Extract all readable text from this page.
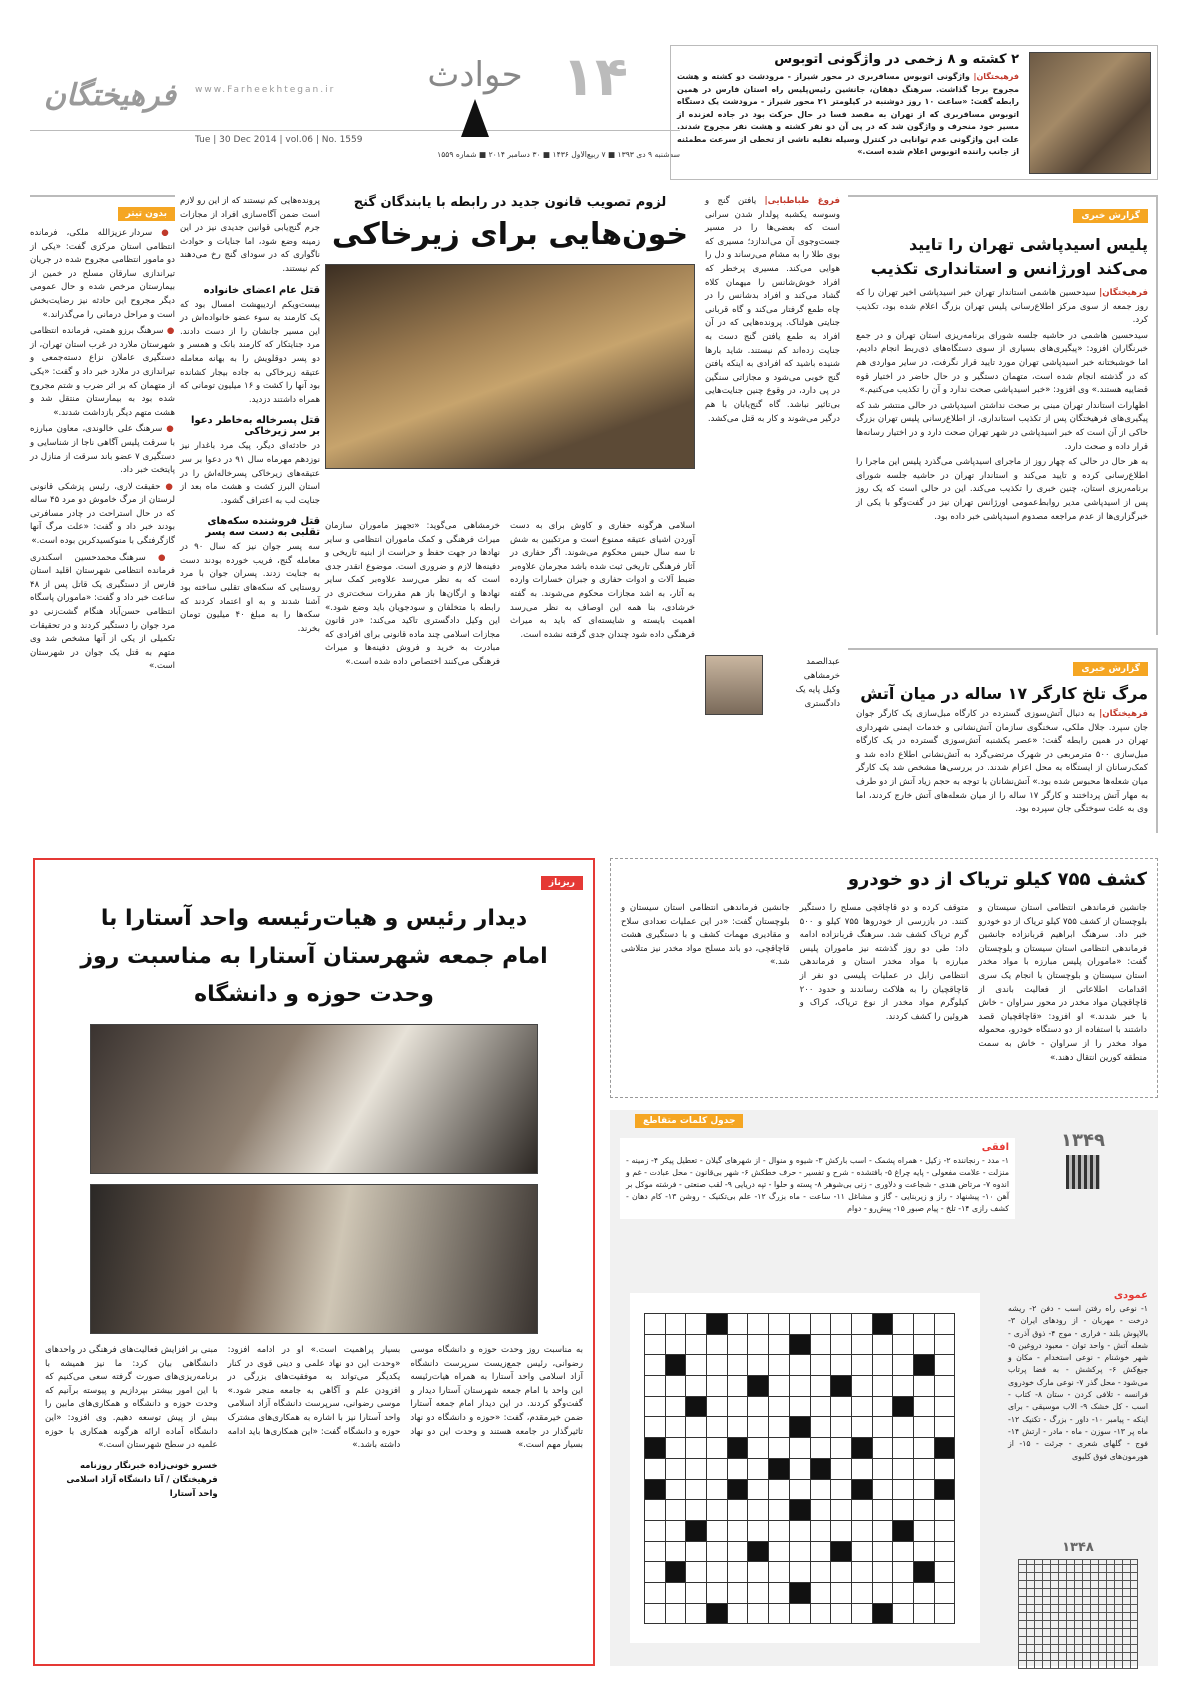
فرهیختگان	www.Farheekhtegan.ir
Tue | 30 Dec 2014 | vol.06 | No. 1559
حوادث ۱۴
سه‌شنبه ۹ دی ۱۳۹۳ ■ ۷ ربیع‌الاول ۱۴۳۶ ■ ۳۰ دسامبر ۲۰۱۴ ■ شماره ۱۵۵۹
۲ کشته و ۸ زخمی در واژگونی اتوبوس
فرهیختگان| واژگونی اتوبوس مسافربری در محور شیراز - مرودشت دو کشته و هشت مجروح برجا گذاشت. سرهنگ دهقان، جانشین رئیس‌پلیس راه استان فارس در همین رابطه گفت: «ساعت ۱۰ روز دوشنبه در کیلومتر ۲۱ محور شیراز - مرودشت یک دستگاه اتوبوس مسافربری که از تهران به مقصد فسا در حال حرکت بود در جاده لغزنده از مسیر خود منحرف و واژگون شد که در پی آن دو نفر کشته و هشت نفر مجروح شدند. علت این واژگونی عدم توانایی در کنترل وسیله نقلیه ناشی از تخطی از سرعت مطمئنه از جانب راننده اتوبوس اعلام شده است.»
گزارش خبری
پلیس اسیدپاشی تهران را تایید می‌کند اورژانس و استانداری تکذیب

فرهیختگان| سیدحسین هاشمی استاندار تهران خبر اسیدپاشی اخیر تهران را که روز جمعه از سوی مرکز اطلاع‌رسانی پلیس تهران بزرگ اعلام شده بود، تکذیب کرد.

سیدحسین هاشمی در حاشیه جلسه شورای برنامه‌ریزی استان تهران و در جمع خبرنگاران افزود: «پیگیری‌های بسیاری از سوی دستگاه‌های ذی‌ربط انجام دادیم، اما خوشبختانه خبر اسیدپاشی تهران مورد تایید قرار نگرفت، در سایر مواردی هم که در گذشته انجام شده است، متهمان دستگیر و در حال حاضر در اختیار قوه قضاییه هستند.» وی افزود: «خبر اسیدپاشی صحت ندارد و آن را تکذیب می‌کنیم.»

اظهارات استاندار تهران مبنی بر صحت نداشتن اسیدپاشی در حالی منتشر شد که پیگیری‌های فرهیختگان پس از تکذیب استانداری، از اطلاع‌رسانی پلیس تهران بزرگ حاکی از آن است که خبر اسیدپاشی در شهر تهران صحت دارد و در اختیار رسانه‌ها قرار داده و صحت دارد.

به هر حال در حالی که چهار روز از ماجرای اسیدپاشی می‌گذرد پلیس این ماجرا را اطلاع‌رسانی کرده و تایید می‌کند و استاندار تهران در حاشیه جلسه شورای برنامه‌ریزی استان، چنین خبری را تکذیب می‌کند. این در حالی است که یک روز پس از اسیدپاشی مدیر روابط‌عمومی اورژانس تهران نیز در گفت‌وگو با یکی از خبرگزاری‌ها از عدم مراجعه مصدوم اسیدپاشی خبر داده بود.

گزارش خبری
مرگ تلخ کارگر ۱۷ ساله در میان آتش
فرهیختگان| به دنبال آتش‌سوزی گسترده در کارگاه مبل‌سازی یک کارگر جوان جان سپرد. جلال ملکی، سخنگوی سازمان آتش‌نشانی و خدمات ایمنی شهرداری تهران در همین رابطه گفت: «عصر یکشنبه آتش‌سوزی گسترده در یک کارگاه مبل‌سازی ۵۰۰ مترمربعی در شهرک مرتضی‌گرد به آتش‌نشانی اطلاع داده شد و کمک‌رسانان از ایستگاه به محل اعزام شدند. در بررسی‌ها مشخص شد یک کارگر میان شعله‌ها محبوس شده بود.» آتش‌نشانان با توجه به حجم زیاد آتش از دو طرف به مهار آتش پرداختند و کارگر ۱۷ ساله را از میان شعله‌های آتش خارج کردند، اما وی به علت سوختگی جان سپرده بود.
فروغ طباطبایی| یافتن گنج و وسوسه یکشبه پولدار شدن سرانی است که بعضی‌ها را در مسیر جست‌وجوی آن می‌اندازد؛ مسیری که بوی طلا را به مشام می‌رساند و دل را هوایی می‌کند. مسیری پرخطر که افراد خوش‌شانس را میهمان کلاه گشاد می‌کند و افراد بدشانس را در چاه طمع گرفتار می‌کند و گاه قربانی جنایتی هولناک. پرونده‌هایی که در آن افراد به طمع یافتن گنج دست به جنایت زده‌اند کم نیستند. شاید بارها شنیده باشید که افرادی به اینکه یافتن گنج خوبی می‌شود و مجازاتی سنگین در پی دارد، در وقوع چنین جنایت‌هایی بی‌تاثیر نباشد. گاه گنج‌یابان با هم درگیر می‌شوند و کار به قتل می‌کشد.
لزوم تصویب قانون جدید در رابطه با یابندگان گنج
خون‌هایی برای زیرخاکی
اسلامی هرگونه حفاری و کاوش برای به دست آوردن اشیای عتیقه ممنوع است و مرتکبین به شش تا سه سال حبس محکوم می‌شوند. اگر حفاری در آثار فرهنگی تاریخی ثبت شده باشد مجرمان علاوه‌بر ضبط آلات و ادوات حفاری و جبران خسارات وارده به آثار، به اشد مجازات محکوم می‌شوند. به گفته خرشادی، بنا همه این اوصاف به نظر می‌رسد اهمیت بایسته و شایسته‌ای که باید به میراث فرهنگی داده شود چندان جدی گرفته نشده است.
خرمشاهی می‌گوید: «تجهیز ماموران سازمان میراث فرهنگی و کمک ماموران انتظامی و سایر نهادها در جهت حفظ و حراست از ابنیه تاریخی و دفینه‌ها لازم و ضروری است. موضوع انقدر جدی است که به نظر می‌رسد علاوه‌بر کمک سایر نهادها و ارگان‌ها باز هم مقررات سخت‌تری در رابطه با متخلفان و سودجویان باید وضع شود.» این وکیل دادگستری تاکید می‌کند: «در قانون مجازات اسلامی چند ماده قانونی برای افرادی که مبادرت به خرید و فروش دفینه‌ها و میراث فرهنگی می‌کنند اختصاص داده شده است.»	عبدالصمد خرمشاهی
وکیل پایه یک دادگستری
پرونده‌هایی کم نیستند که از این رو لازم است ضمن آگاه‌سازی افراد از مجازات جرم گنج‌یابی قوانین جدیدی نیز در این زمینه وضع شود، اما جنایات و حوادث ناگواری که در سودای گنج رخ می‌دهند کم نیستند.
قتل عام اعضای خانواده
بیست‌ویکم اردیبهشت امسال بود که یک کارمند به سوء عضو خانواده‌اش در این مسیر جانشان را از دست دادند. مرد جنایتکار که کارمند بانک و همسر و دو پسر دوقلویش را به بهانه معامله عتیقه زیرخاکی به جاده بیجار کشانده بود آنها را کشت و ۱۶ میلیون تومانی که همراه داشتند دزدید.
قتل پسرخاله به‌خاطر دعوا بر سر زیرخاکی
در حادثه‌ای دیگر، پیک مرد باغدار نیز نوزدهم مهرماه سال ۹۱ در دعوا بر سر عتیقه‌های زیرخاکی پسرخاله‌اش را در استان البرز کشت و هشت ماه بعد از جنایت لب به اعتراف گشود.
قتل فروشنده سکه‌های تقلبی به دست سه پسر
سه پسر جوان نیز که سال ۹۰ در معامله گنج، فریب خورده بودند دست به جنایت زدند. پسران جوان با مرد روستایی که سکه‌های تقلبی ساخته بود آشنا شدند و به او اعتماد کردند که سکه‌ها را به مبلغ ۴۰ میلیون تومان بخرند.
بدون تیتر
● سردار عزیزالله ملکی، فرمانده انتظامی استان مرکزی گفت: «یکی از دو مامور انتظامی مجروح شده در جریان تیراندازی سارقان مسلح در خمین از بیمارستان مرخص شده و حال عمومی دیگر مجروح این حادثه نیز رضایت‌بخش است و مراحل درمانی را می‌گذراند.»
● سرهنگ برزو همتی، فرمانده انتظامی شهرستان ملارد در غرب استان تهران، از دستگیری عاملان نزاع دسته‌جمعی و تیراندازی در ملارد خبر داد و گفت: «یکی از متهمان که بر اثر ضرب و شتم مجروح شده بود به بیمارستان منتقل شد و هشت متهم دیگر بازداشت شدند.»
● سرهنگ علی خالوندی، معاون مبارزه با سرقت پلیس آگاهی ناجا از شناسایی و دستگیری ۷ عضو باند سرقت از منازل در پایتخت خبر داد.
● حقیقت لاری، رئیس پزشکی قانونی لرستان از مرگ خاموش دو مرد ۴۵ ساله که در حال استراحت در چادر مسافرتی بودند خبر داد و گفت: «علت مرگ آنها گازگرفتگی با منوکسیدکربن بوده است.»
● سرهنگ محمدحسین اسکندری فرمانده انتظامی شهرستان اقلید استان فارس از دستگیری یک قاتل پس از ۴۸ ساعت خبر داد و گفت: «ماموران پاسگاه انتظامی حسن‌آباد هنگام گشت‌زنی دو مرد جوان را دستگیر کردند و در تحقیقات تکمیلی از یکی از آنها مشخص شد وی متهم به قتل یک جوان در شهرستان است.»
ریزناز
دیدار رئیس و هیات‌رئیسه واحد آستارا با امام جمعه شهرستان آستارا به مناسبت روز وحدت حوزه و دانشگاه
به مناسبت روز وحدت حوزه و دانشگاه موسی رضوانی، رئیس جمع‌زیست سرپرست دانشگاه آزاد اسلامی واحد آستارا به همراه هیات‌رئیسه این واحد با امام جمعه شهرستان آستارا دیدار و گفت‌وگو کردند. در این دیدار امام جمعه آستارا ضمن خیرمقدم، گفت: «حوزه و دانشگاه دو نهاد تاثیرگذار در جامعه هستند و وحدت این دو نهاد بسیار مهم است.»
بسیار پراهمیت است.» او در ادامه افزود: «وحدت این دو نهاد علمی و دینی قوی در کنار یکدیگر می‌تواند به موفقیت‌های بزرگی در افزودن علم و آگاهی به جامعه منجر شود.» موسی رضوانی، سرپرست دانشگاه آزاد اسلامی واحد آستارا نیز با اشاره به همکاری‌های مشترک حوزه و دانشگاه گفت: «این همکاری‌ها باید ادامه داشته باشد.»
مبنی بر افزایش فعالیت‌های فرهنگی در واحدهای دانشگاهی بیان کرد: ما نیز همیشه با برنامه‌ریزی‌های صورت گرفته سعی می‌کنیم که با این امور بیشتر بپردازیم و پیوسته برآنیم که وحدت حوزه و دانشگاه و همکاری‌های مابین را بیش از پیش توسعه دهیم. وی افزود: «این دانشگاه آماده ارائه هرگونه همکاری با حوزه علمیه در سطح شهرستان است.»
خسرو خونی‌زاده خبرنگار روزنامه فرهیختگان / آتا دانشگاه آزاد اسلامی واحد آستارا
کشف ۷۵۵ کیلو تریاک از دو خودرو
جانشین فرماندهی انتظامی استان سیستان و بلوچستان از کشف ۷۵۵ کیلو تریاک از دو خودرو خبر داد. سرهنگ ابراهیم قربانزاده جانشین فرماندهی انتظامی استان سیستان و بلوچستان گفت: «ماموران پلیس مبارزه با مواد مخدر استان سیستان و بلوچستان با انجام یک سری اقدامات اطلاعاتی از فعالیت باندی از قاچاقچیان مواد مخدر در محور سراوان - خاش با خبر شدند.» او افزود: «قاچاقچیان قصد داشتند با استفاده از دو دستگاه خودرو، محموله مواد مخدر را از سراوان - خاش به سمت منطقه کورین انتقال دهند.»
متوقف کرده و دو قاچاقچی مسلح را دستگیر کنند. در بازرسی از خودروها ۷۵۵ کیلو و ۵۰۰ گرم تریاک کشف شد. سرهنگ قربانزاده ادامه داد: طی دو روز گذشته نیز ماموران پلیس مبارزه با مواد مخدر استان و فرماندهی انتظامی زابل در عملیات پلیسی دو نفر از قاچاقچیان را به هلاکت رساندند و حدود ۲۰۰ کیلوگرم مواد مخدر از نوع تریاک، کراک و هروئین را کشف کردند.
جانشین فرماندهی انتظامی استان سیستان و بلوچستان گفت: «در این عملیات تعدادی سلاح و مقادیری مهمات کشف و با دستگیری هشت قاچاقچی، دو باند مسلح مواد مخدر نیز متلاشی شد.»
جدول کلمات متقاطع
۱۳۴۹
افقی
۱- مدد - رنجاننده ۲- زکیل - همراه پشمک - اسب بارکش ۳- شیوه و منوال - از شهرهای گیلان - تعطیل پیکر ۴- زمینه - منزلت - علامت مفعولی - پایه چراغ ۵- بافتشده - شرح و تفسیر - حرف خطکش ۶- شهر بی‌قانون - محل عبادت - غم و اندوه ۷- مرتاض هندی - شجاعت و دلاوری - زنی بی‌شوهر ۸- پسته و حلوا - تپه دریایی ۹- لقب صنعتی - فرشته موکل بر آهن ۱۰- پیشنهاد - راز و زیربنایی - گاز و مشاغل ۱۱- ساعت - ماه بزرگ ۱۲- علم بی‌تکنیک - روشن ۱۳- کام دهان - کشف رازی ۱۴- تلخ - پیام صبور ۱۵- پیش‌رو - دوام
عمودی
۱- نوعی راه رفتن اسب - دفن ۲- ریشه درخت - مهربان - از رودهای ایران ۳- بالاپوش بلند - فراری - موج ۴- ذوق آذری - شعله آتش - واحد توان - معبود دروغین ۵- شهر خوشنام - نوعی استخدام - مکان و جیغ‌کش ۶- پرکشش - به فضا پرتاب می‌شود - محل گذر ۷- نوعی مارک خودروی فرانسه - تلافی کردن - ستان ۸- کتاب - اسب - کل خشک ۹- الاب موسیقی - برای اینکه - پیامبر ۱۰- داور - بزرگ - تکنیک ۱۲- ماه پر ۱۳- سوزن - ماه - مادر - ارتش ۱۴- فوج - گلهای شعری - جرئت - ۱۵- از هورمون‌های فوق کلیوی

۱۳۴۸
